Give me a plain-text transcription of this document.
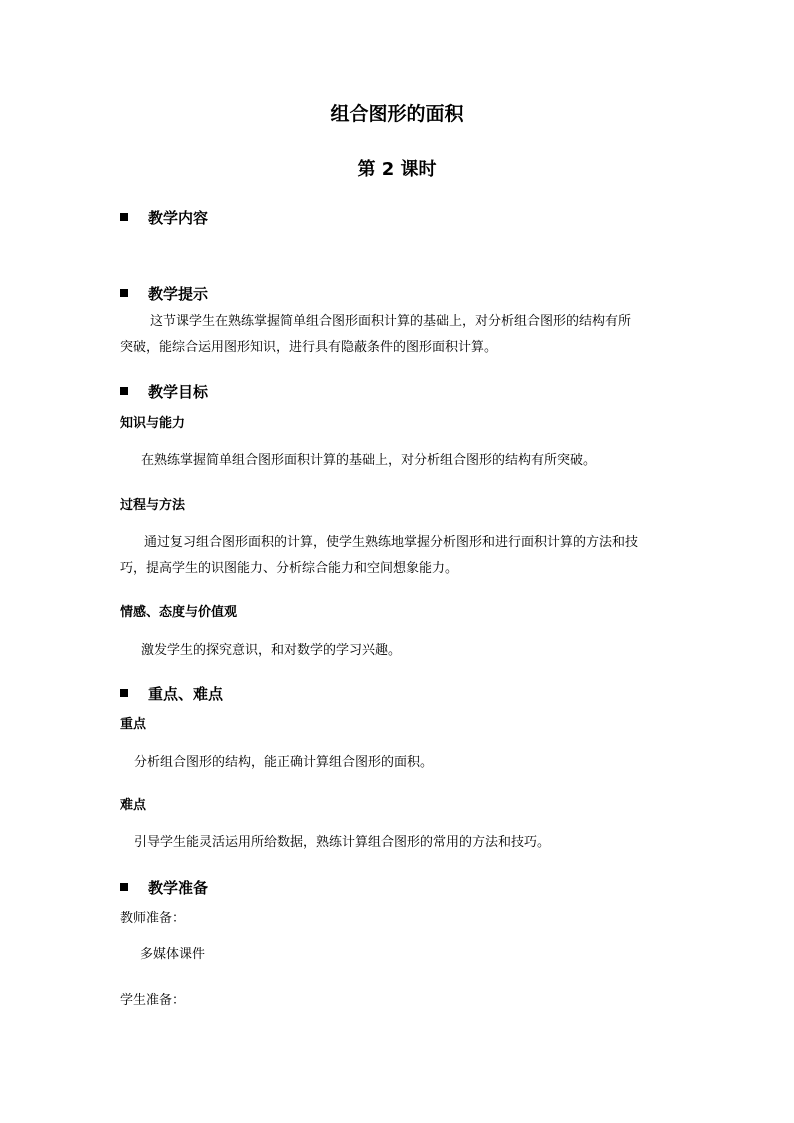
组合图形的面积
第 2 课时
教学内容
教学提示
这节课学生在熟练掌握简单组合图形面积计算的基础上，对分析组合图形的结构有所
突破，能综合运用图形知识，进行具有隐蔽条件的图形面积计算。
教学目标
知识与能力
在熟练掌握简单组合图形面积计算的基础上，对分析组合图形的结构有所突破。
过程与方法
通过复习组合图形面积的计算，使学生熟练地掌握分析图形和进行面积计算的方法和技
巧，提高学生的识图能力、分析综合能力和空间想象能力。
情感、态度与价值观
激发学生的探究意识，和对数学的学习兴趣。
重点、难点
重点
分析组合图形的结构，能正确计算组合图形的面积。
难点
引导学生能灵活运用所给数据，熟练计算组合图形的常用的方法和技巧。
教学准备
教师准备：
多媒体课件
学生准备：
